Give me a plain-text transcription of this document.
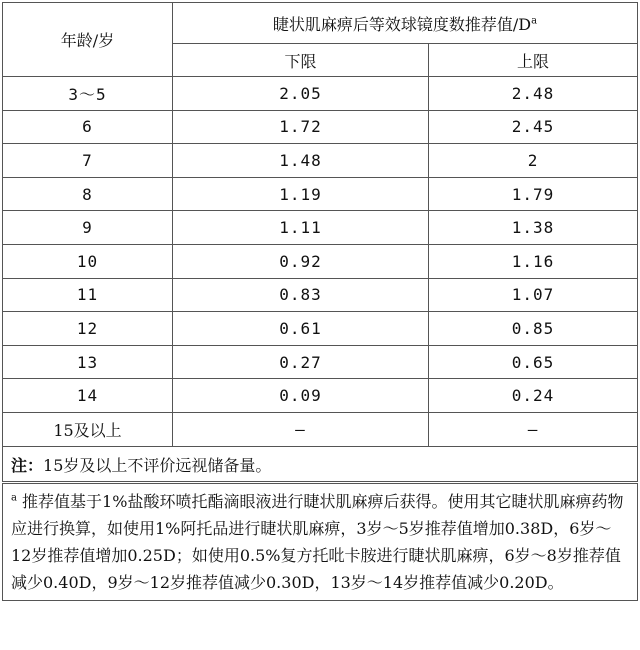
年龄/岁	睫状肌麻痹后等效球镜度数推荐值$/D^a$
	下限	上限
3～5	2.05	2.48
6	1.72	2.45
7	1.48	2
8	1.19	1.79
9	1.11	1.38
10	0.92	1.16
11	0.83	1.07
12	0.61	0.85
13	0.27	0.65
14	0.09	0.24
15及以上	—	—
注：15岁及以上不评价远视储备量。		
$^a$ 推荐值基于1%盐酸环喷托酯滴眼液进行睫状肌麻痹后获得。使用其它睫状肌麻痹药物应进行换算，如使用1%阿托品进行睫状肌麻痹，3岁～5岁推荐值增加0.38D，6岁～12岁推荐值增加0.25D；如使用0.5%复方托吡卡胺进行睫状肌麻痹，6岁～8岁推荐值减少0.40D，9岁～12岁推荐值减少0.30D，13岁～14岁推荐值减少0.20D。		
